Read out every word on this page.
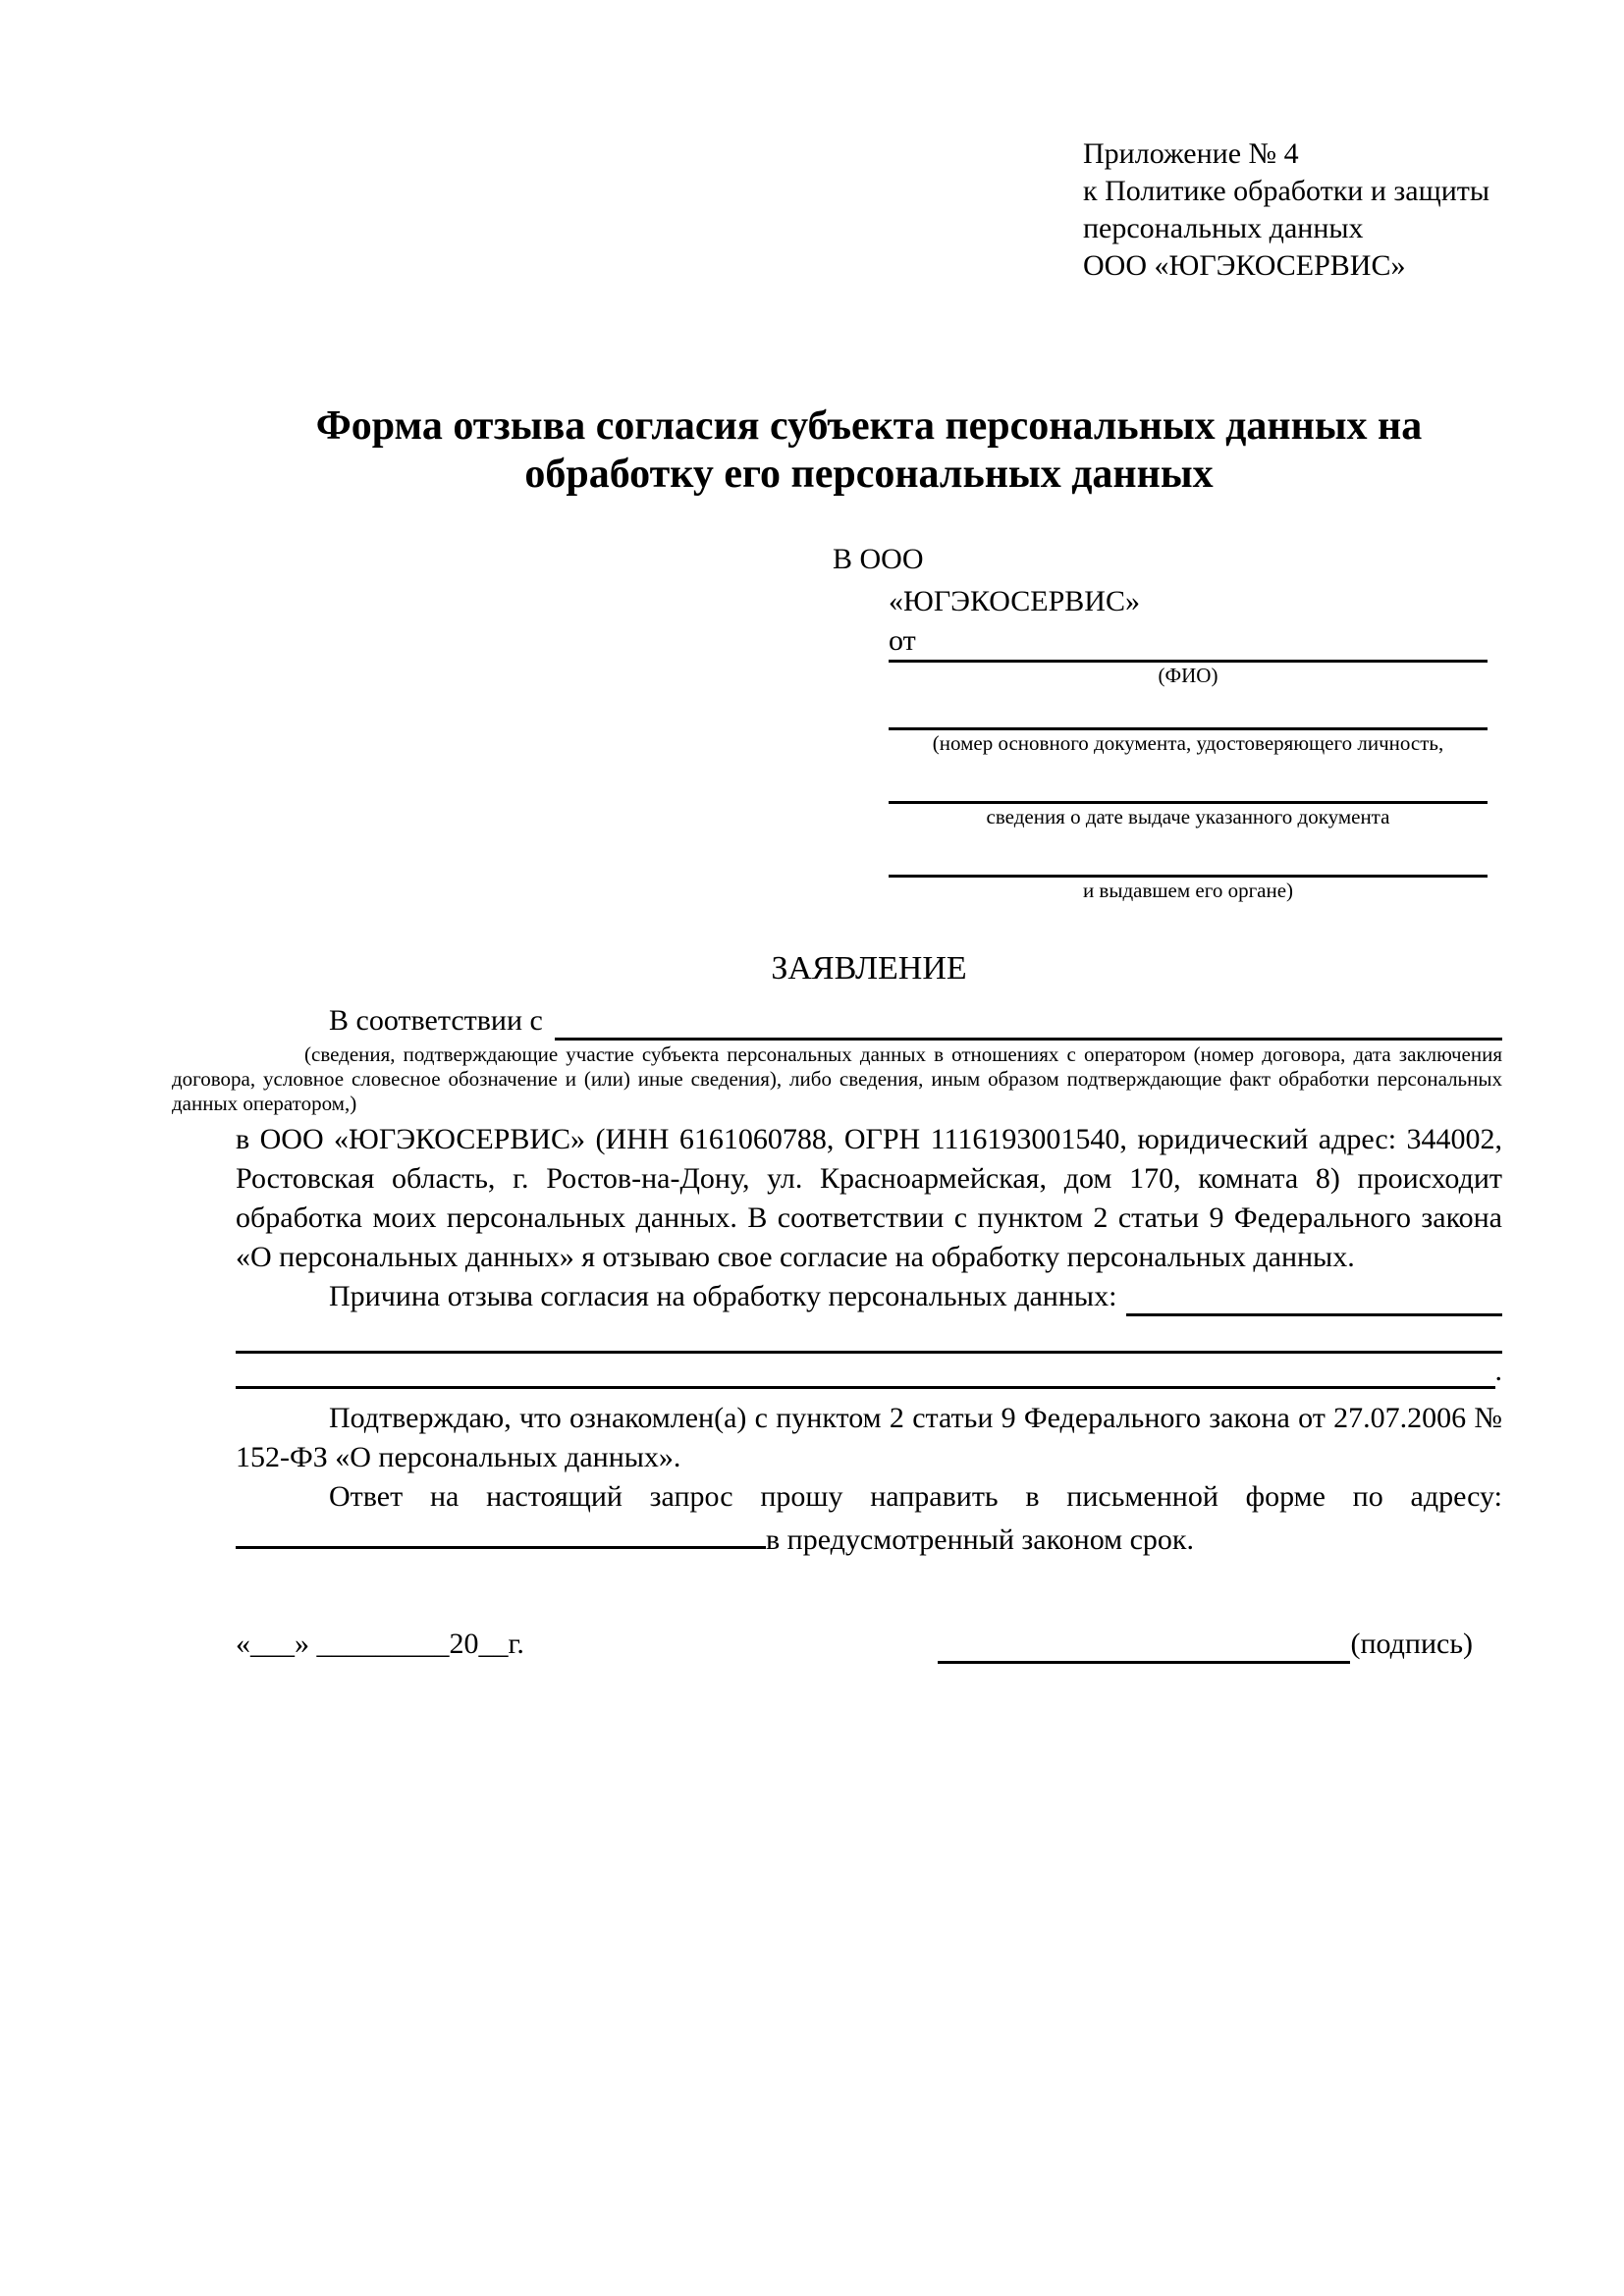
Приложение № 4
к Политике обработки и защиты
персональных данных
ООО «ЮГЭКОСЕРВИС»
Форма отзыва согласия субъекта персональных данных на обработку его персональных данных
В ООО
«ЮГЭКОСЕРВИС»
от
(ФИО)
(номер основного документа, удостоверяющего личность,
сведения о дате выдаче указанного документа
и выдавшем его органе)
ЗАЯВЛЕНИЕ
В соответствии с
(сведения, подтверждающие участие субъекта персональных данных в отношениях с оператором (номер договора, дата заключения договора, условное словесное обозначение и (или) иные сведения), либо сведения, иным образом подтверждающие факт обработки персональных данных оператором,)
в ООО «ЮГЭКОСЕРВИС» (ИНН 6161060788, ОГРН 1116193001540, юридический адрес: 344002, Ростовская область, г. Ростов-на-Дону, ул. Красноармейская, дом 170, комната 8) происходит обработка моих персональных данных. В соответствии с пунктом 2 статьи 9 Федерального закона «О персональных данных» я отзываю свое согласие на обработку персональных данных.
Причина отзыва согласия на обработку персональных данных:
.
Подтверждаю, что ознакомлен(а) с пунктом 2 статьи 9 Федерального закона от 27.07.2006 № 152-ФЗ «О персональных данных».
Ответ на настоящий запрос прошу направить в письменной форме по адресу: в предусмотренный законом срок.
«___» _________20__г.	(подпись)
